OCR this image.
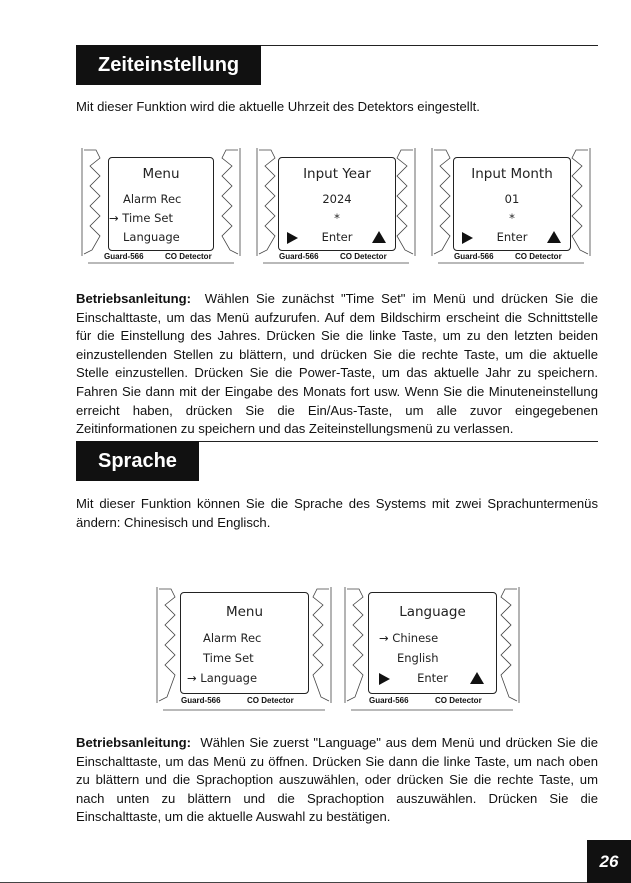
Zeiteinstellung
Mit dieser Funktion wird die aktuelle Uhrzeit des Detektors eingestellt.
Menu
Alarm Rec
→ Time Set
Language
Guard-566	CO Detector
Input Year
2024
*
Enter
Guard-566	CO Detector
Input Month
01
*
Enter
Guard-566	CO Detector
Betriebsanleitung: Wählen Sie zunächst "Time Set" im Menü und drücken Sie die Einschalttaste, um das Menü aufzurufen. Auf dem Bildschirm erscheint die Schnittstelle für die Einstellung des Jahres. Drücken Sie die linke Taste, um zu den letzten beiden einzustellenden Stellen zu blättern, und drücken Sie die rechte Taste, um die aktuelle Stelle einzustellen. Drücken Sie die Power-Taste, um das aktuelle Jahr zu speichern. Fahren Sie dann mit der Eingabe des Monats fort usw. Wenn Sie die Minuteneinstellung erreicht haben, drücken Sie die Ein/Aus-Taste, um alle zuvor eingegebenen Zeitinformationen zu speichern und das Zeiteinstellungsmenü zu verlassen.
Sprache
Mit dieser Funktion können Sie die Sprache des Systems mit zwei Sprachuntermenüs ändern: Chinesisch und Englisch.
Menu
Alarm Rec
Time Set
→ Language
Guard-566	CO Detector
Language
→ Chinese
English
Enter
Guard-566	CO Detector
Betriebsanleitung: Wählen Sie zuerst "Language" aus dem Menü und drücken Sie die Einschalttaste, um das Menü zu öffnen. Drücken Sie dann die linke Taste, um nach oben zu blättern und die Sprachoption auszuwählen, oder drücken Sie die rechte Taste, um nach unten zu blättern und die Sprachoption auszuwählen. Drücken Sie die Einschalttaste, um die aktuelle Auswahl zu bestätigen.
26
